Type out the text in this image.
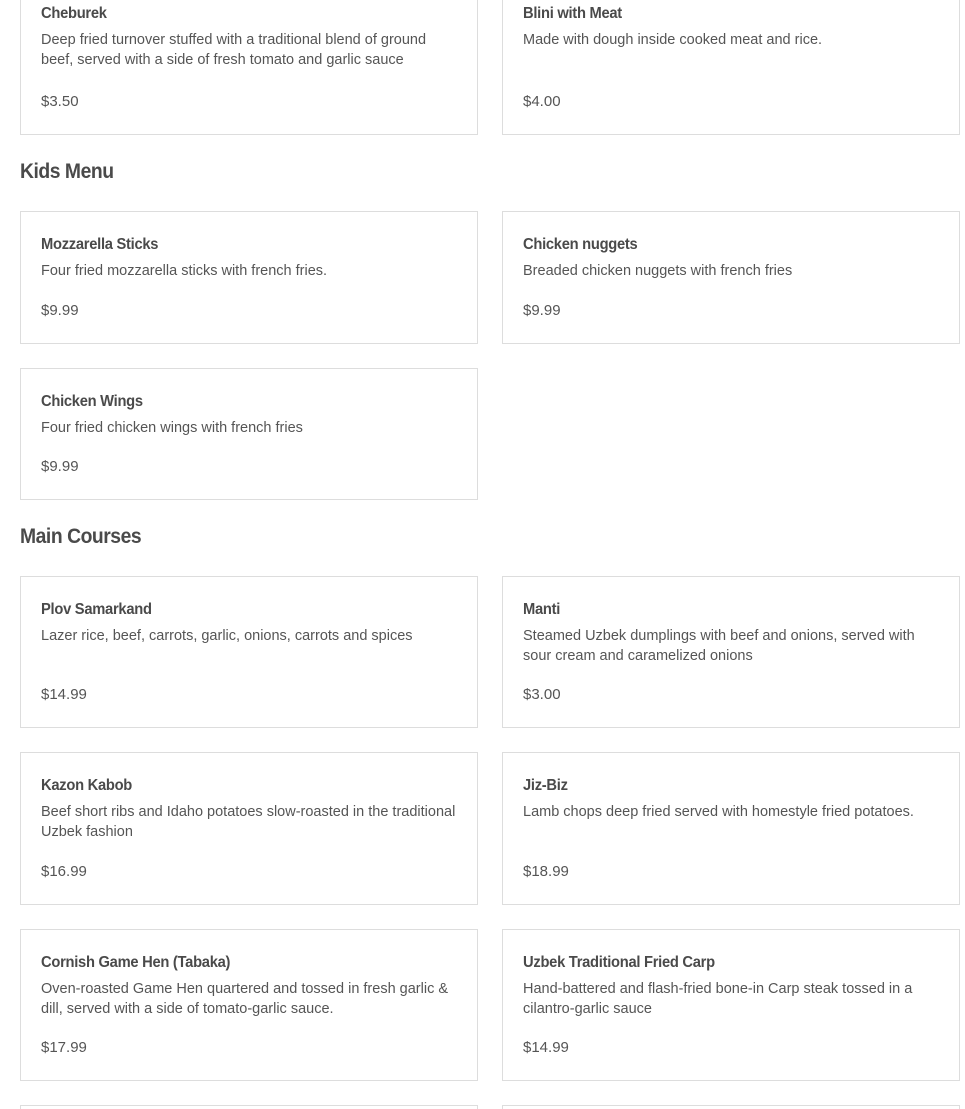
Cheburek
Deep fried turnover stuffed with a traditional blend of ground beef, served with a side of fresh tomato and garlic sauce
$3.50
Blini with Meat
Made with dough inside cooked meat and rice.
$4.00
Kids Menu
Mozzarella Sticks
Four fried mozzarella sticks with french fries.
$9.99
Chicken nuggets
Breaded chicken nuggets with french fries
$9.99
Chicken Wings
Four fried chicken wings with french fries
$9.99
Main Courses
Plov Samarkand
Lazer rice, beef, carrots, garlic, onions, carrots and spices
$14.99
Manti
Steamed Uzbek dumplings with beef and onions, served with sour cream and caramelized onions
$3.00
Kazon Kabob
Beef short ribs and Idaho potatoes slow-roasted in the traditional Uzbek fashion
$16.99
Jiz-Biz
Lamb chops deep fried served with homestyle fried potatoes.
$18.99
Cornish Game Hen (Tabaka)
Oven-roasted Game Hen quartered and tossed in fresh garlic & dill, served with a side of tomato-garlic sauce.
$17.99
Uzbek Traditional Fried Carp
Hand-battered and flash-fried bone-in Carp steak tossed in a cilantro-garlic sauce
$14.99
